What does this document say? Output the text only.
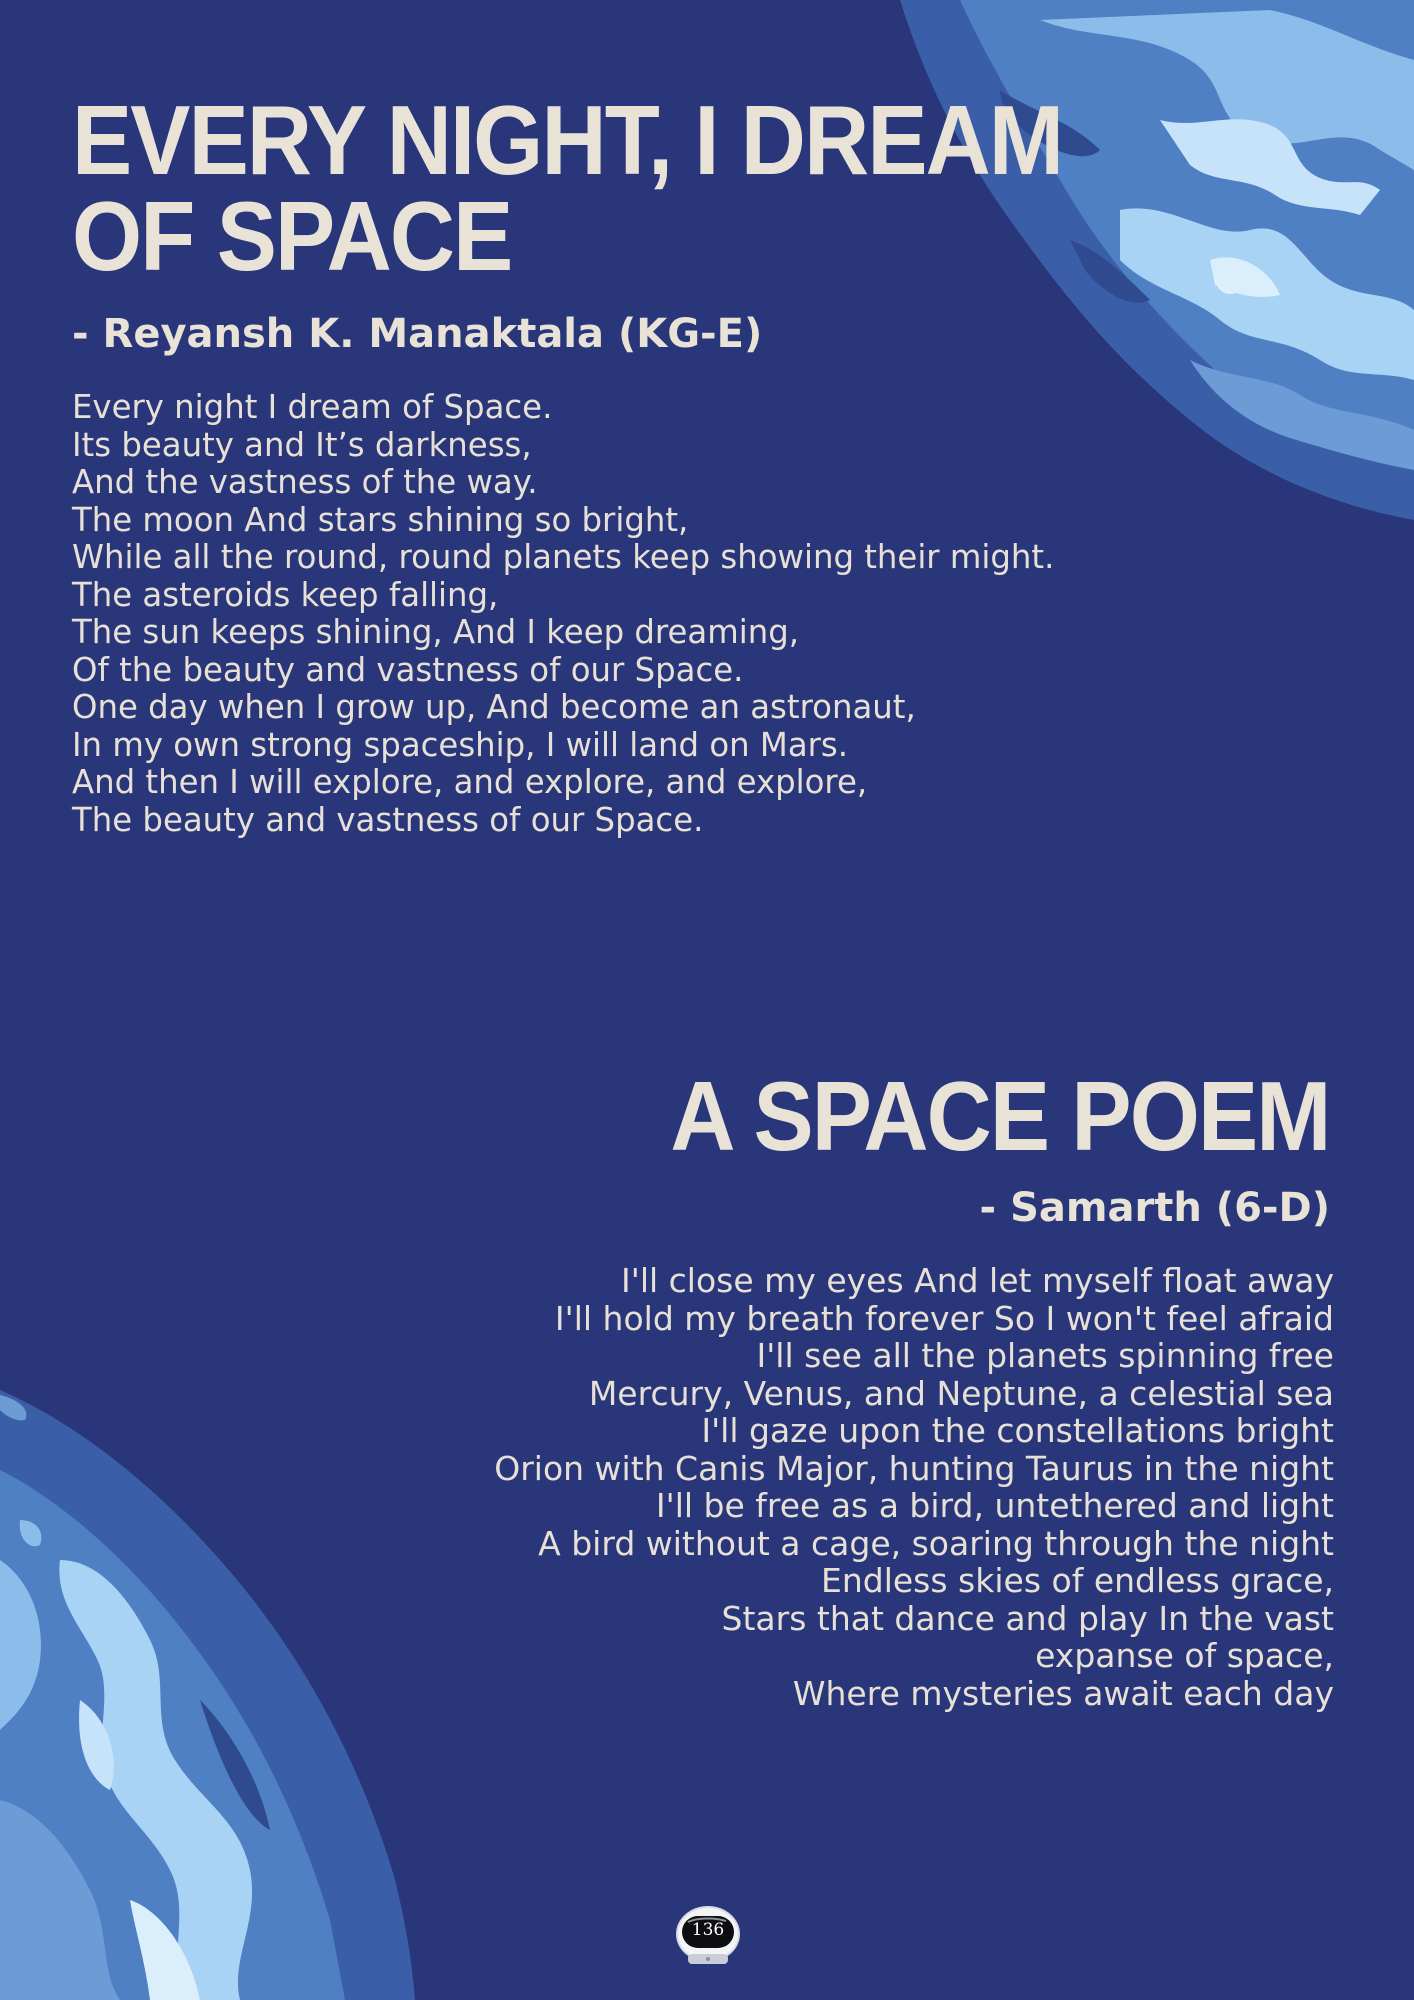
EVERY NIGHT, I DREAM OF SPACE
- Reyansh K. Manaktala (KG-E)
Every night I dream of Space.
Its beauty and It’s darkness,
And the vastness of the way.
The moon And stars shining so bright,
While all the round, round planets keep showing their might.
The asteroids keep falling,
The sun keeps shining, And I keep dreaming,
Of the beauty and vastness of our Space.
One day when I grow up, And become an astronaut,
In my own strong spaceship, I will land on Mars.
And then I will explore, and explore, and explore,
The beauty and vastness of our Space.
A SPACE POEM
- Samarth (6-D)
I'll close my eyes And let myself float away
I'll hold my breath forever So I won't feel afraid
I'll see all the planets spinning free
Mercury, Venus, and Neptune, a celestial sea
I'll gaze upon the constellations bright
Orion with Canis Major, hunting Taurus in the night
I'll be free as a bird, untethered and light
A bird without a cage, soaring through the night
Endless skies of endless grace,
Stars that dance and play In the vast expanse of space,
Where mysteries await each day
136
